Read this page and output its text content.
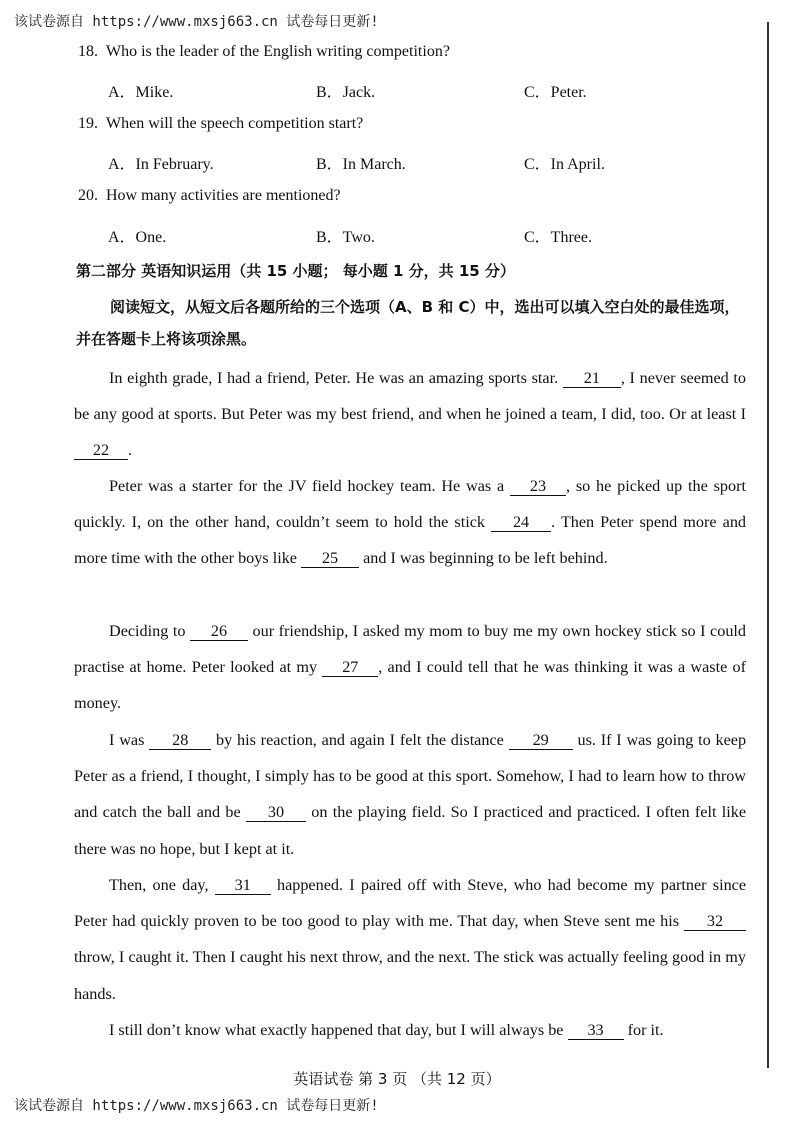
该试卷源自 https://www.mxsj663.cn 试卷每日更新!
18. Who is the leader of the English writing competition?
A．Mike.	B．Jack.	C．Peter.
19. When will the speech competition start?
A．In February.	B．In March.	C．In April.
20. How many activities are mentioned?
A．One.	B．Two.	C．Three.
第二部分 英语知识运用（共 15 小题； 每小题 1 分，共 15 分）

阅读短文，从短文后各题所给的三个选项（A、B 和 C）中，选出可以填入空白处的最佳选项，并在答题卡上将该项涂黑。

In eighth grade, I had a friend, Peter. He was an amazing sports star. 21 , I never seemed to be any good at sports. But Peter was my best friend, and when he joined a team, I did, too. Or at least I 22 .

Peter was a starter for the JV field hockey team. He was a 23 , so he picked up the sport quickly. I, on the other hand, couldn’t seem to hold the stick 24 . Then Peter spend more and more time with the other boys like 25 and I was beginning to be left behind.

Deciding to 26 our friendship, I asked my mom to buy me my own hockey stick so I could practise at home. Peter looked at my 27 , and I could tell that he was thinking it was a waste of money.

I was 28 by his reaction, and again I felt the distance 29 us. If I was going to keep Peter as a friend, I thought, I simply has to be good at this sport. Somehow, I had to learn how to throw and catch the ball and be 30 on the playing field. So I practiced and practiced. I often felt like there was no hope, but I kept at it.

Then, one day, 31 happened. I paired off with Steve, who had become my partner since Peter had quickly proven to be too good to play with me. That day, when Steve sent me his 32 throw, I caught it. Then I caught his next throw, and the next. The stick was actually feeling good in my hands.

I still don’t know what exactly happened that day, but I will always be 33 for it.

英语试卷 第 3 页 （共 12 页）
该试卷源自 https://www.mxsj663.cn 试卷每日更新!
